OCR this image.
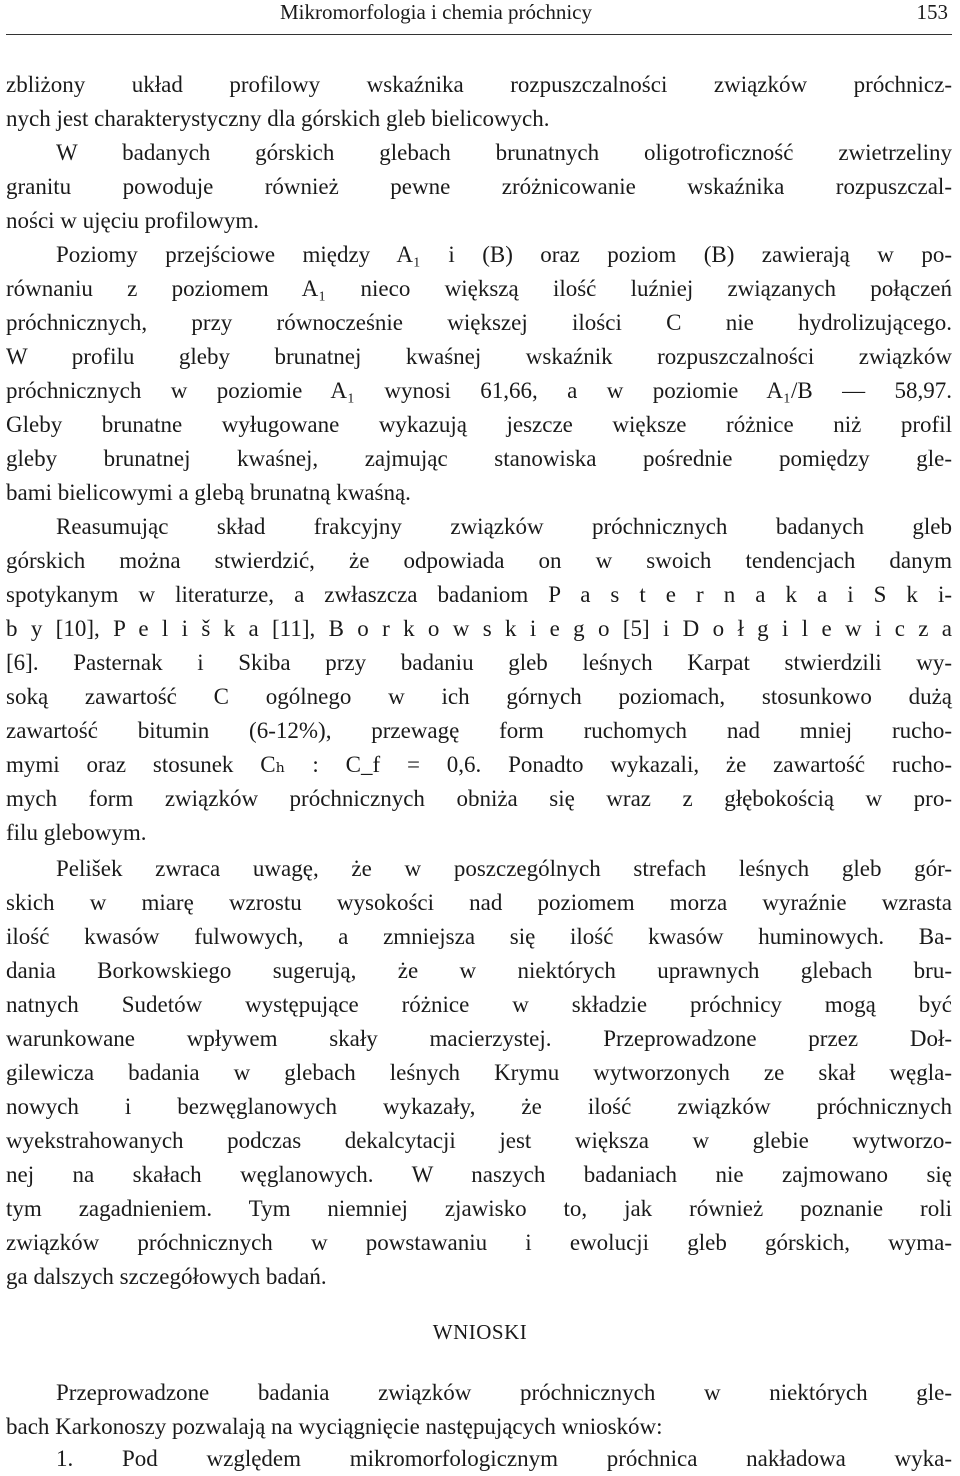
Mikromorfologia i chemia próchnicy	153
zbliżony układ profilowy wskaźnika rozpuszczalności związków próchnicz-
nych jest charakterystyczny dla górskich gleb bielicowych.
W badanych górskich glebach brunatnych oligotroficzność zwietrzeliny
granitu powoduje również pewne zróżnicowanie wskaźnika rozpuszczal-
ności w ujęciu profilowym.
Poziomy przejściowe między A₁ i (B) oraz poziom (B) zawierają w po-
równaniu z poziomem A₁ nieco większą ilość luźniej związanych połączeń
próchnicznych, przy równocześnie większej ilości C nie hydrolizującego.
W profilu gleby brunatnej kwaśnej wskaźnik rozpuszczalności związków
próchnicznych w poziomie A₁ wynosi 61,66, a w poziomie A₁/B — 58,97.
Gleby brunatne wyługowane wykazują jeszcze większe różnice niż profil
gleby brunatnej kwaśnej, zajmując stanowiska pośrednie pomiędzy gle-
bami bielicowymi a glebą brunatną kwaśną.
Reasumując skład frakcyjny związków próchnicznych badanych gleb
górskich można stwierdzić, że odpowiada on w swoich tendencjach danym
spotykanym w literaturze, a zwłaszcza badaniom P a s t e r n a k a i S k i-
b y [10], P e l i š k a [11], B o r k o w s k i e g o [5] i D o ł g i l e w i c z a
[6]. Pasternak i Skiba przy badaniu gleb leśnych Karpat stwierdzili wy-
soką zawartość C ogólnego w ich górnych poziomach, stosunkowo dużą
zawartość bitumin (6-12%), przewagę form ruchomych nad mniej rucho-
mymi oraz stosunek Cₕ : C_f = 0,6. Ponadto wykazali, że zawartość rucho-
mych form związków próchnicznych obniża się wraz z głębokością w pro-
filu glebowym.
Pelišek zwraca uwagę, że w poszczególnych strefach leśnych gleb gór-
skich w miarę wzrostu wysokości nad poziomem morza wyraźnie wzrasta
ilość kwasów fulwowych, a zmniejsza się ilość kwasów huminowych. Ba-
dania Borkowskiego sugerują, że w niektórych uprawnych glebach bru-
natnych Sudetów występujące różnice w składzie próchnicy mogą być
warunkowane wpływem skały macierzystej. Przeprowadzone przez Doł-
gilewicza badania w glebach leśnych Krymu wytworzonych ze skał węgla-
nowych i bezwęglanowych wykazały, że ilość związków próchnicznych
wyekstrahowanych podczas dekalcytacji jest większa w glebie wytworzo-
nej na skałach węglanowych. W naszych badaniach nie zajmowano się
tym zagadnieniem. Tym niemniej zjawisko to, jak również poznanie roli
związków próchnicznych w powstawaniu i ewolucji gleb górskich, wyma-
ga dalszych szczegółowych badań.
WNIOSKI
Przeprowadzone badania związków próchnicznych w niektórych gle-
bach Karkonoszy pozwalają na wyciągnięcie następujących wniosków:
1. Pod względem mikromorfologicznym próchnica nakładowa wyka-
